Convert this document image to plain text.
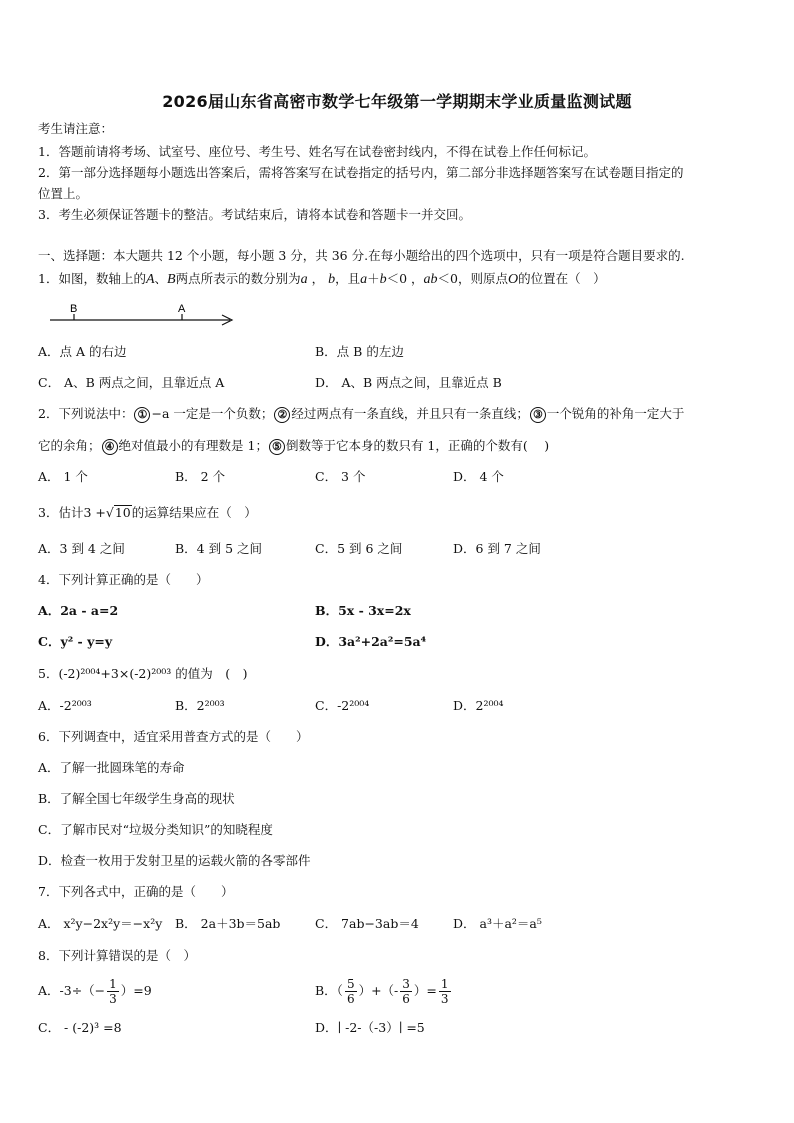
2026届山东省高密市数学七年级第一学期期末学业质量监测试题
考生请注意：
1．答题前请将考场、试室号、座位号、考生号、姓名写在试卷密封线内，不得在试卷上作任何标记。
2．第一部分选择题每小题选出答案后，需将答案写在试卷指定的括号内，第二部分非选择题答案写在试卷题目指定的
位置上。
3．考生必须保证答题卡的整洁。考试结束后，请将本试卷和答题卡一并交回。
一、选择题：本大题共 12 个小题，每小题 3 分，共 36 分.在每小题给出的四个选项中，只有一项是符合题目要求的.
1．如图，数轴上的A、B两点所表示的数分别为a ， b，且a＋b＜0 ，ab＜0，则原点O的位置在（　）
B	A
A．点 A 的右边	B．点 B 的左边
C． A、B 两点之间，且靠近点 A	D． A、B 两点之间，且靠近点 B
2．下列说法中： ① −a 一定是一个负数； ② 经过两点有一条直线，并且只有一条直线； ③ 一个锐角的补角一定大于
它的余角； ④ 绝对值最小的有理数是 1； ⑤ 倒数等于它本身的数只有 1，正确的个数有(　 )
A． 1 个	B． 2 个	C． 3 个	D． 4 个
3．估计3 +√10的运算结果应在（　）
A．3 到 4 之间	B．4 到 5 之间	C．5 到 6 之间	D．6 到 7 之间
4．下列计算正确的是（　　）
A．2a - a=2	B．5x - 3x=2x
C．y² - y=y	D．3a²+2a²=5a⁴
5．(-2)²⁰⁰⁴+3×(-2)²⁰⁰³ 的值为　(　)
A．-2²⁰⁰³	B．2²⁰⁰³	C．-2²⁰⁰⁴	D．2²⁰⁰⁴
6．下列调查中，适宜采用普查方式的是（　　）
A．了解一批圆珠笔的寿命
B．了解全国七年级学生身高的现状
C．了解市民对“垃圾分类知识”的知晓程度
D．检查一枚用于发射卫星的运载火箭的各零部件
7．下列各式中，正确的是（　　）
A． x²y−2x²y＝−x²y B． 2a＋3b＝5ab	C． 7ab−3ab＝4	D． a³＋a²＝a⁵
8．下列计算错误的是（　）
A．$-3\div(- \frac{1}{3} )=9$	B．（ $\frac{5}{6}$ ）+（- $\frac{3}{6}$ ）= $\frac{1}{3}$
C． - (-2)³ =8	D．∣ -2-（-3）∣ =5
